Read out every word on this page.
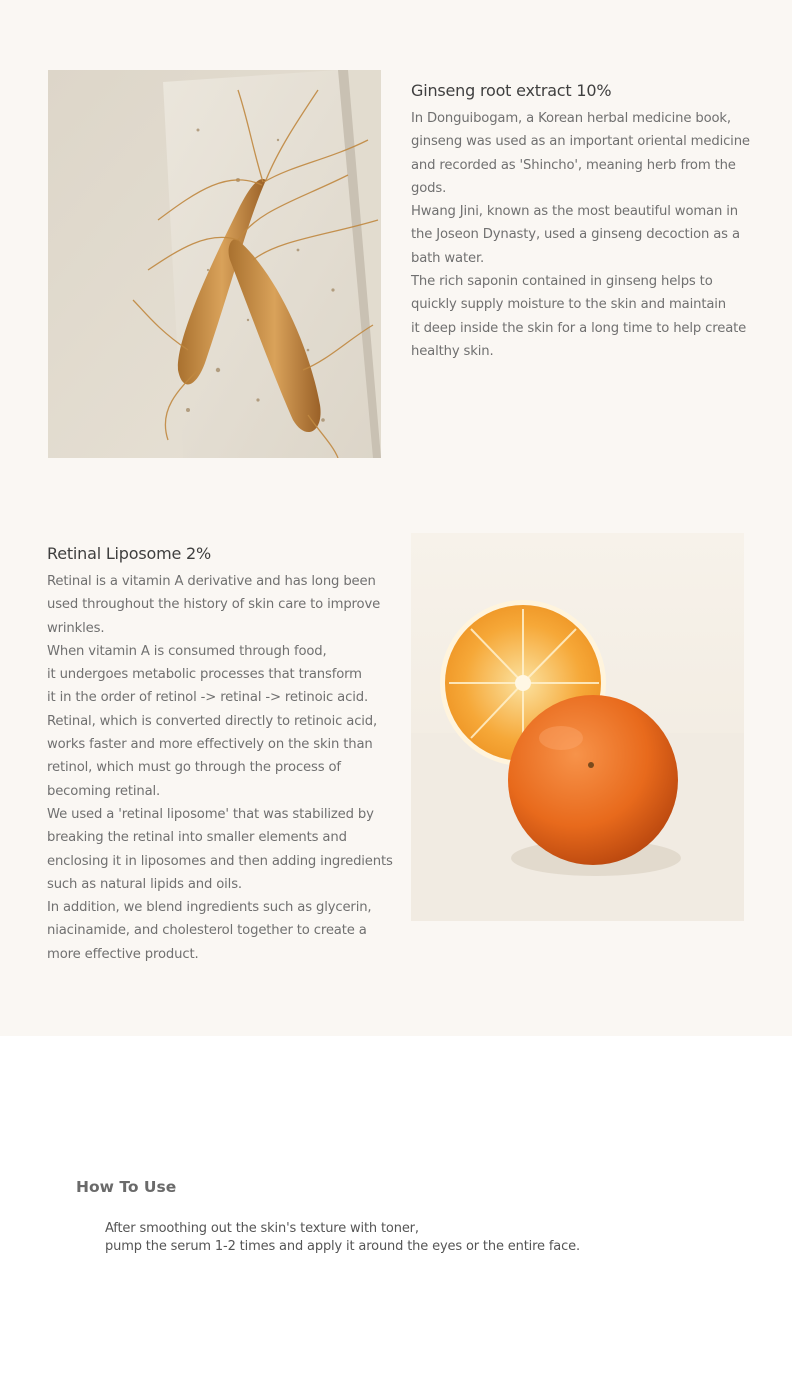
Ginseng root extract 10%
In Donguibogam, a Korean herbal medicine book,
ginseng was used as an important oriental medicine
and recorded as 'Shincho', meaning herb from the
gods.
Hwang Jini, known as the most beautiful woman in
the Joseon Dynasty, used a ginseng decoction as a
bath water.
The rich saponin contained in ginseng helps to
quickly supply moisture to the skin and maintain
it deep inside the skin for a long time to help create
healthy skin.
Retinal Liposome 2%
Retinal is a vitamin A derivative and has long been
used throughout the history of skin care to improve
wrinkles.
When vitamin A is consumed through food,
it undergoes metabolic processes that transform
it in the order of retinol -> retinal -> retinoic acid.
Retinal, which is converted directly to retinoic acid,
works faster and more effectively on the skin than
retinol, which must go through the process of
becoming retinal.
We used a 'retinal liposome' that was stabilized by
breaking the retinal into smaller elements and
enclosing it in liposomes and then adding ingredients
such as natural lipids and oils.
In addition, we blend ingredients such as glycerin,
niacinamide, and cholesterol together to create a
more effective product.
How To Use
After smoothing out the skin's texture with toner,
pump the serum 1-2 times and apply it around the eyes or the entire face.
